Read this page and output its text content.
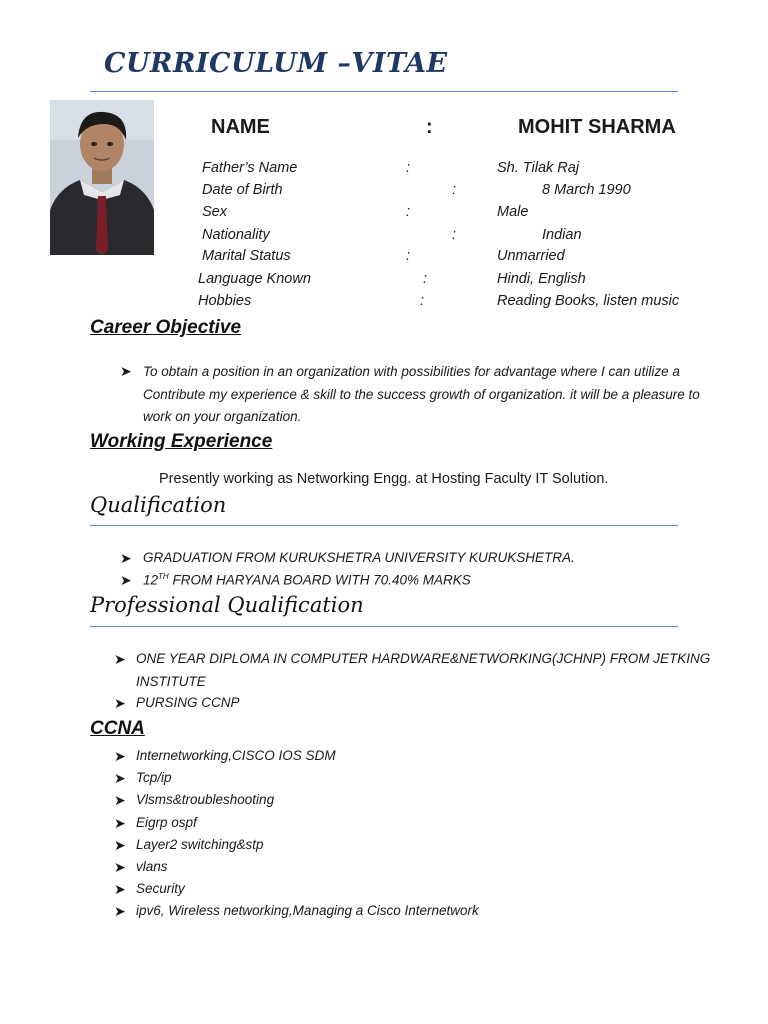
CURRICULUM –VITAE
NAME	:	MOHIT SHARMA
Father’s Name	:	Sh. Tilak Raj
Date of Birth	:	8 March 1990
Sex	:	Male
Nationality	:	Indian
Marital Status	:	Unmarried
Language Known	:	Hindi, English
Hobbies	:	Reading Books, listen music
Career Objective
➤ To obtain a position in an organization with possibilities for advantage where I can utilize a
Contribute my experience & skill to the success growth of organization. it will be a pleasure to
work on your organization.
Working Experience
Presently working as Networking Engg. at Hosting Faculty IT Solution.
Qualification
➤ GRADUATION FROM KURUKSHETRA UNIVERSITY KURUKSHETRA.
➤ 12TH FROM HARYANA BOARD WITH 70.40% MARKS
Professional Qualification
➤ ONE YEAR DIPLOMA IN COMPUTER HARDWARE&NETWORKING(JCHNP) FROM JETKING
INSTITUTE
➤ PURSING CCNP
CCNA
➤ Internetworking,CISCO IOS SDM
➤ Tcp/ip
➤ Vlsms&troubleshooting
➤ Eigrp ospf
➤ Layer2 switching&stp
➤ vlans
➤ Security
➤ ipv6, Wireless networking,Managing a Cisco Internetwork
